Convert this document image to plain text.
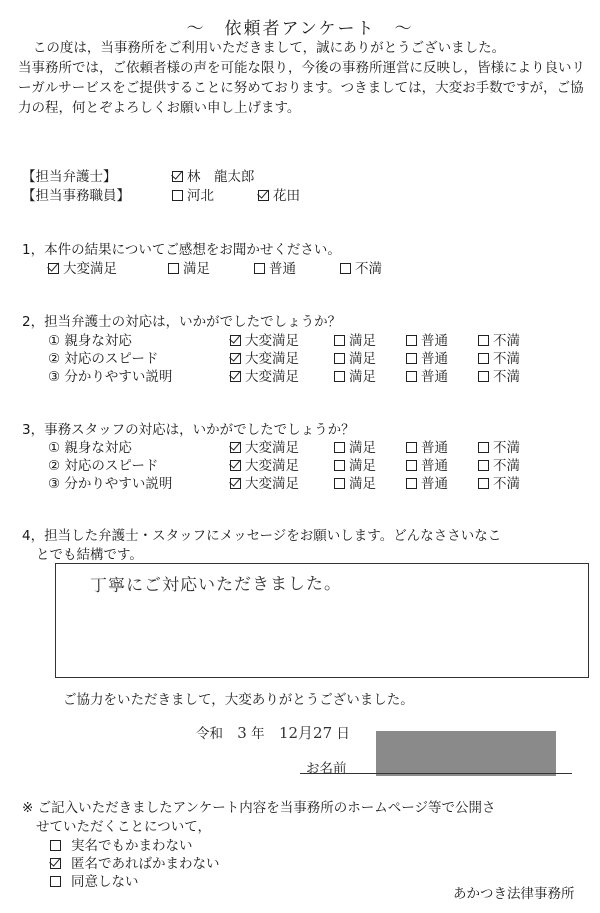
〜　依頼者アンケート　〜

この度は，当事務所をご利用いただきまして，誠にありがとうございました。

当事務所では，ご依頼者様の声を可能な限り，今後の事務所運営に反映し，皆様により良いリーガルサービスをご提供することに努めております。つきましては，大変お手数ですが，ご協力の程，何とぞよろしくお願い申し上げます。

【担当弁護士】	林　龍太郎
【担当事務職員】	河北	花田
1，本件の結果についてご感想をお聞かせください。
大変満足	満足	普通	不満
2，担当弁護士の対応は，いかがでしたでしょうか？
① 親身な対応	大変満足	満足	普通	不満
② 対応のスピード	大変満足	満足	普通	不満
③ 分かりやすい説明	大変満足	満足	普通	不満
3，事務スタッフの対応は，いかがでしたでしょうか？
① 親身な対応	大変満足	満足	普通	不満
② 対応のスピード	大変満足	満足	普通	不満
③ 分かりやすい説明	大変満足	満足	普通	不満
4，担当した弁護士・スタッフにメッセージをお願いします。どんなささいなこ
とでも結構です。
丁寧にご対応いただきました。
ご協力をいただきまして，大変ありがとうございました。
令和 3 年 12月27 日
お名前
※ ご記入いただきましたアンケート内容を当事務所のホームページ等で公開さ
せていただくことについて，
実名でもかまわない
匿名であればかまわない
同意しない
あかつき法律事務所
